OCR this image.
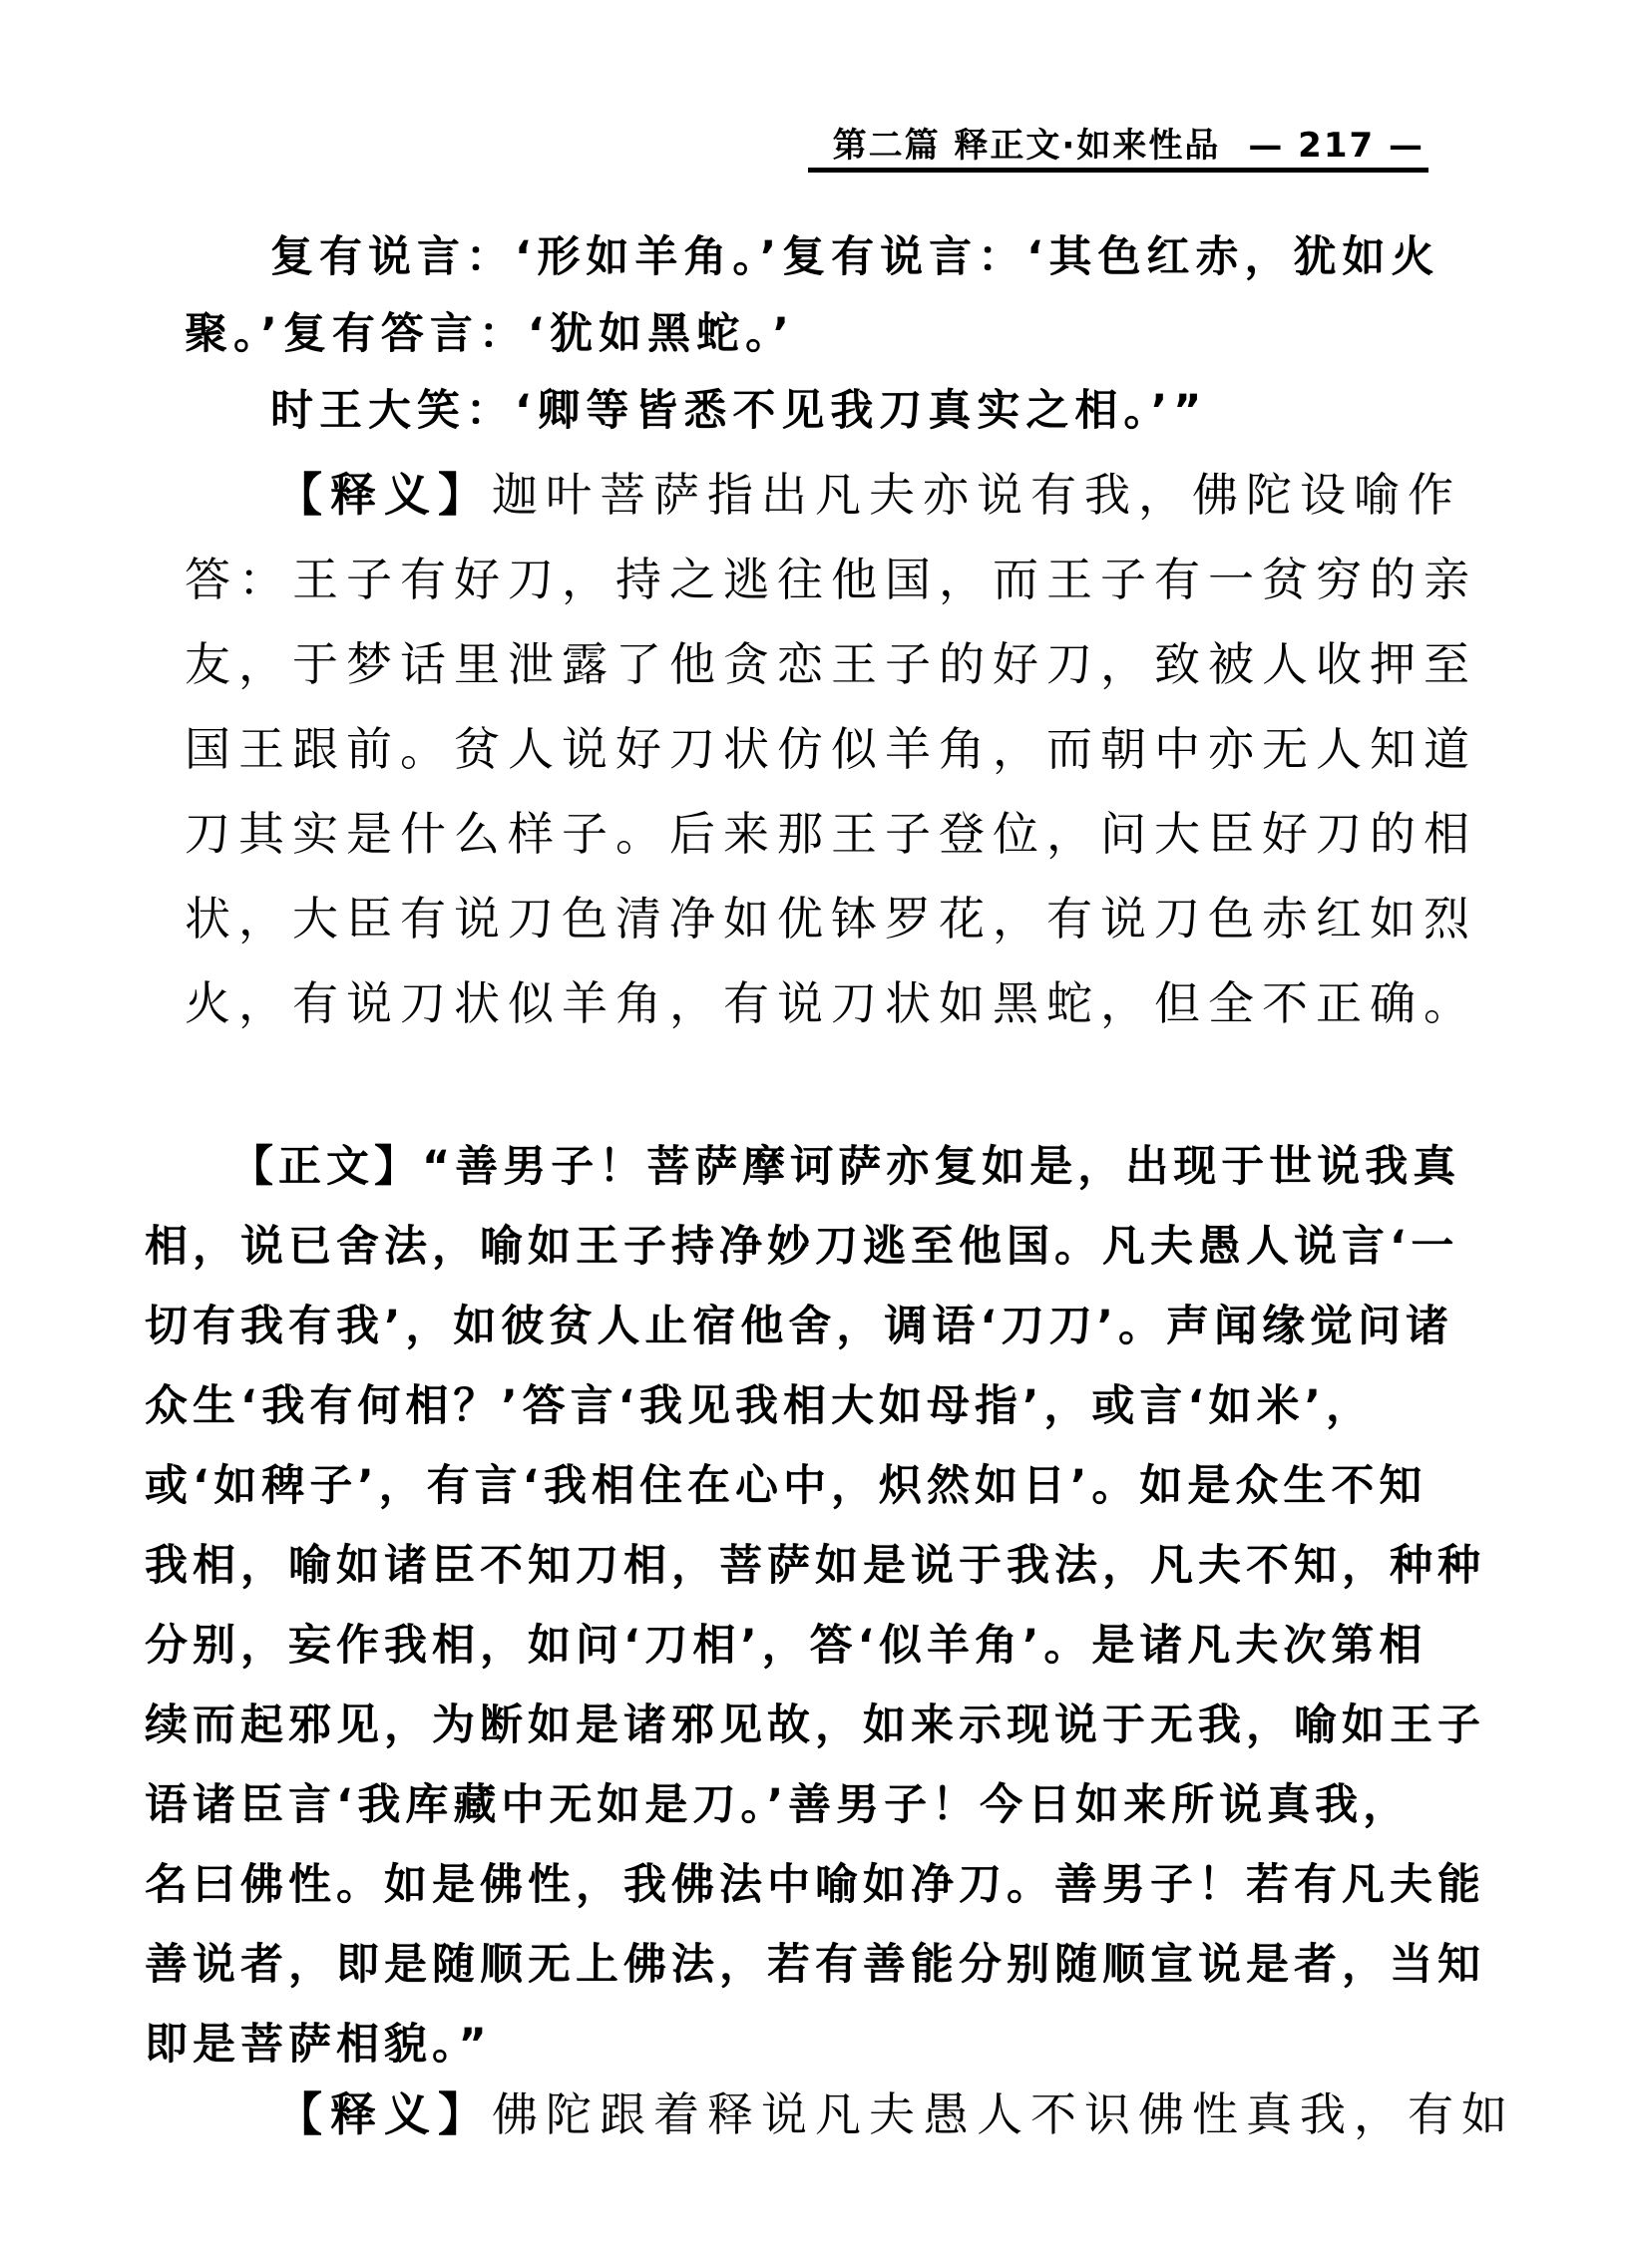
第二篇 释正文·如来性品 — 217 —
复有说言：‘形如羊角。’复有说言：‘其色红赤，犹如火
聚。’复有答言：‘犹如黑蛇。’
时王大笑：‘卿等皆悉不见我刀真实之相。’”
【释义】迦叶菩萨指出凡夫亦说有我，佛陀设喻作
答：王子有好刀，持之逃往他国，而王子有一贫穷的亲
友，于梦话里泄露了他贪恋王子的好刀，致被人收押至
国王跟前。贫人说好刀状仿似羊角，而朝中亦无人知道
刀其实是什么样子。后来那王子登位，问大臣好刀的相
状，大臣有说刀色清净如优钵罗花，有说刀色赤红如烈
火，有说刀状似羊角，有说刀状如黑蛇，但全不正确。
【正文】“善男子！菩萨摩诃萨亦复如是，出现于世说我真
相，说已舍法，喻如王子持净妙刀逃至他国。凡夫愚人说言‘一
切有我有我’，如彼贫人止宿他舍，调语‘刀刀’。声闻缘觉问诸
众生‘我有何相？’答言‘我见我相大如母指’，或言‘如米’，
或‘如稗子’，有言‘我相住在心中，炽然如日’。如是众生不知
我相，喻如诸臣不知刀相，菩萨如是说于我法，凡夫不知，种种
分别，妄作我相，如问‘刀相’，答‘似羊角’。是诸凡夫次第相
续而起邪见，为断如是诸邪见故，如来示现说于无我，喻如王子
语诸臣言‘我库藏中无如是刀。’善男子！今日如来所说真我，
名曰佛性。如是佛性，我佛法中喻如净刀。善男子！若有凡夫能
善说者，即是随顺无上佛法，若有善能分别随顺宣说是者，当知
即是菩萨相貌。”
【释义】佛陀跟着释说凡夫愚人不识佛性真我，有如
